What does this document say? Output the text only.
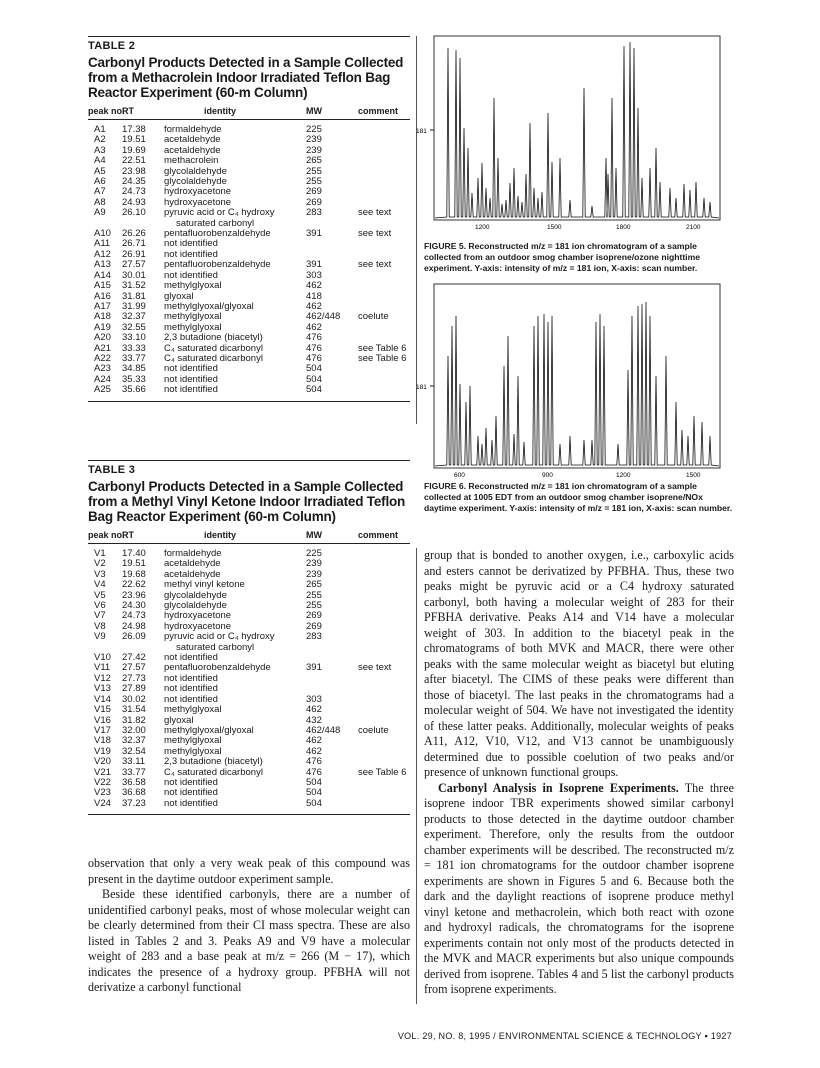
TABLE 2
Carbonyl Products Detected in a Sample Collected from a Methacrolein Indoor Irradiated Teflon Bag Reactor Experiment (60-m Column)
peak no.
RT	identity	MW	comment
A1	17.38	formaldehyde	225
A2	19.51	acetaldehyde	239
A3	19.69	acetaldehyde	239
A4	22.51	methacrolein	265
A5	23.98	glycolaldehyde	255
A6	24.35	glycolaldehyde	255
A7	24.73	hydroxyacetone	269
A8	24.93	hydroxyacetone	269
A9	26.10	pyruvic acid or C₄ hydroxy	283	see text
saturated carbonyl
A10	26.26	pentafluorobenzaldehyde	391	see text
A11	26.71	not identified
A12	26.91	not identified
A13	27.57	pentafluorobenzaldehyde	391	see text
A14	30.01	not identified	303
A15	31.52	methylglyoxal	462
A16	31.81	glyoxal	418
A17	31.99	methylglyoxal/glyoxal	462
A18	32.37	methylglyoxal	462/448	coelute
A19	32.55	methylglyoxal	462
A20	33.10	2,3 butadione (biacetyl)	476
A21	33.33	C₄ saturated dicarbonyl	476	see Table 6
A22	33.77	C₄ saturated dicarbonyl	476	see Table 6
A23	34.85	not identified	504
A24	35.33	not identified	504
A25	35.66	not identified	504
TABLE 3
Carbonyl Products Detected in a Sample Collected from a Methyl Vinyl Ketone Indoor Irradiated Teflon Bag Reactor Experiment (60-m Column)
peak no.
RT	identity	MW	comment
V1	17.40	formaldehyde	225
V2	19.51	acetaldehyde	239
V3	19.68	acetaldehyde	239
V4	22.62	methyl vinyl ketone	265
V5	23.96	glycolaldehyde	255
V6	24.30	glycolaldehyde	255
V7	24.73	hydroxyacetone	269
V8	24.98	hydroxyacetone	269
V9	26.09	pyruvic acid or C₄ hydroxy	283
saturated carbonyl
V10	27.42	not identified
V11	27.57	pentafluorobenzaldehyde	391	see text
V12	27.73	not identified
V13	27.89	not identified
V14	30.02	not identified	303
V15	31.54	methylglyoxal	462
V16	31.82	glyoxal	432
V17	32.00	methylglyoxal/glyoxal	462/448	coelute
V18	32.37	methylglyoxal	462
V19	32.54	methylglyoxal	462
V20	33.11	2,3 butadione (biacetyl)	476
V21	33.77	C₄ saturated dicarbonyl	476	see Table 6
V22	36.58	not identified	504
V23	36.68	not identified	504
V24	37.23	not identified	504

observation that only a very weak peak of this compound was present in the daytime outdoor experiment sample.

Beside these identified carbonyls, there are a number of unidentified carbonyl peaks, most of whose molecular weight can be clearly determined from their CI mass spectra. These are also listed in Tables 2 and 3. Peaks A9 and V9 have a molecular weight of 283 and a base peak at m/z = 266 (M − 17), which indicates the presence of a hydroxy group. PFBHA will not derivatize a carbonyl functional

181
1200	1500	1800	2100
FIGURE 5. Reconstructed m/z = 181 ion chromatogram of a sample collected from an outdoor smog chamber isoprene/ozone nighttime experiment. Y-axis: intensity of m/z = 181 ion, X-axis: scan number.
181
600	900	1200	1500
FIGURE 6. Reconstructed m/z = 181 ion chromatogram of a sample collected at 1005 EDT from an outdoor smog chamber isoprene/NOx daytime experiment. Y-axis: intensity of m/z = 181 ion, X-axis: scan number.

group that is bonded to another oxygen, i.e., carboxylic acids and esters cannot be derivatized by PFBHA. Thus, these two peaks might be pyruvic acid or a C4 hydroxy saturated carbonyl, both having a molecular weight of 283 for their PFBHA derivative. Peaks A14 and V14 have a molecular weight of 303. In addition to the biacetyl peak in the chromatograms of both MVK and MACR, there were other peaks with the same molecular weight as biacetyl but eluting after biacetyl. The CIMS of these peaks were different than those of biacetyl. The last peaks in the chromatograms had a molecular weight of 504. We have not investigated the identity of these latter peaks. Additionally, molecular weights of peaks A11, A12, V10, V12, and V13 cannot be unambiguously determined due to possible coelution of two peaks and/or presence of unknown functional groups.

Carbonyl Analysis in Isoprene Experiments. The three isoprene indoor TBR experiments showed similar carbonyl products to those detected in the daytime outdoor chamber experiment. Therefore, only the results from the outdoor chamber experiments will be described. The reconstructed m/z = 181 ion chromatograms for the outdoor chamber isoprene experiments are shown in Figures 5 and 6. Because both the dark and the daylight reactions of isoprene produce methyl vinyl ketone and methacrolein, which both react with ozone and hydroxyl radicals, the chromatograms for the isoprene experiments contain not only most of the products detected in the MVK and MACR experiments but also unique compounds derived from isoprene. Tables 4 and 5 list the carbonyl products from isoprene experiments.

VOL. 29, NO. 8, 1995 / ENVIRONMENTAL SCIENCE & TECHNOLOGY ▪ 1927
